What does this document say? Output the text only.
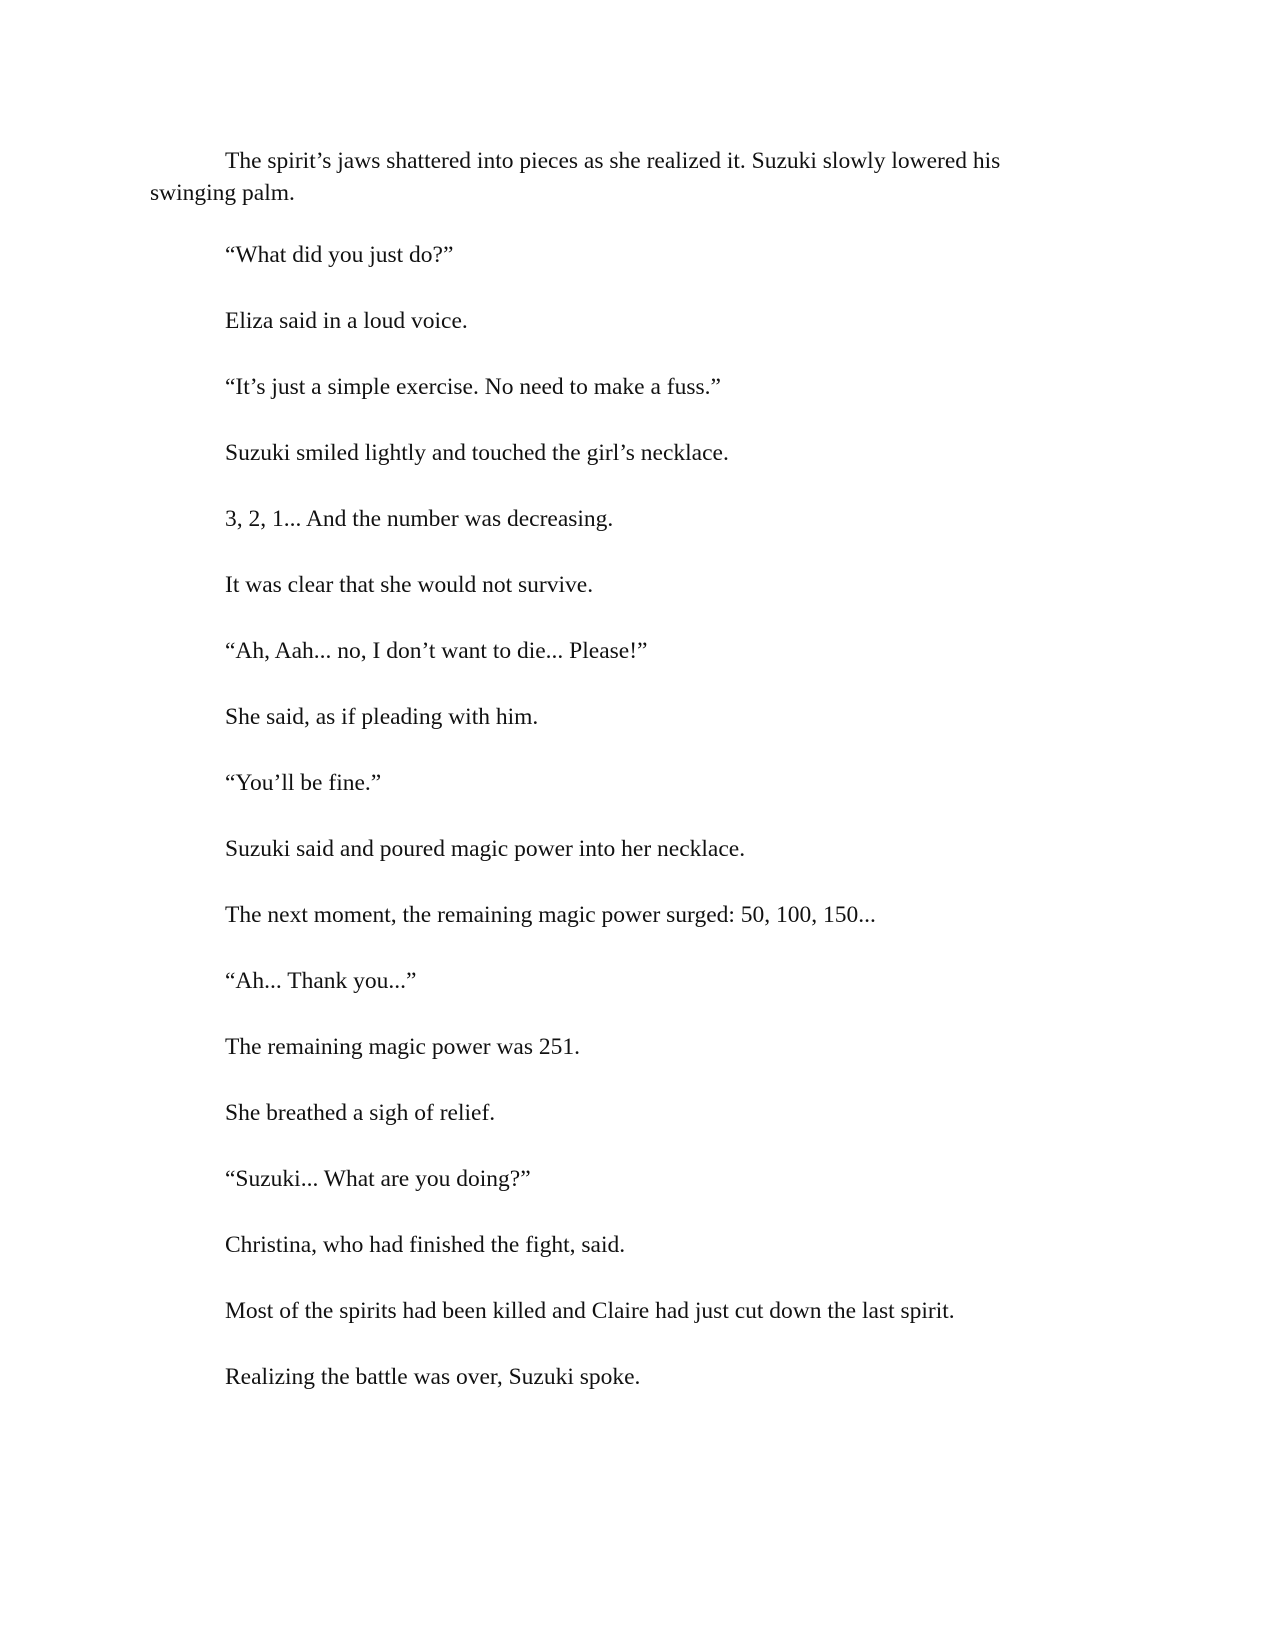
The spirit’s jaws shattered into pieces as she realized it. Suzuki slowly lowered his swinging palm.

“What did you just do?”

Eliza said in a loud voice.

“It’s just a simple exercise. No need to make a fuss.”

Suzuki smiled lightly and touched the girl’s necklace.

3, 2, 1... And the number was decreasing.

It was clear that she would not survive.

“Ah, Aah... no, I don’t want to die... Please!”

She said, as if pleading with him.

“You’ll be fine.”

Suzuki said and poured magic power into her necklace.

The next moment, the remaining magic power surged: 50, 100, 150...

“Ah... Thank you...”

The remaining magic power was 251.

She breathed a sigh of relief.

“Suzuki... What are you doing?”

Christina, who had finished the fight, said.

Most of the spirits had been killed and Claire had just cut down the last spirit.

Realizing the battle was over, Suzuki spoke.
